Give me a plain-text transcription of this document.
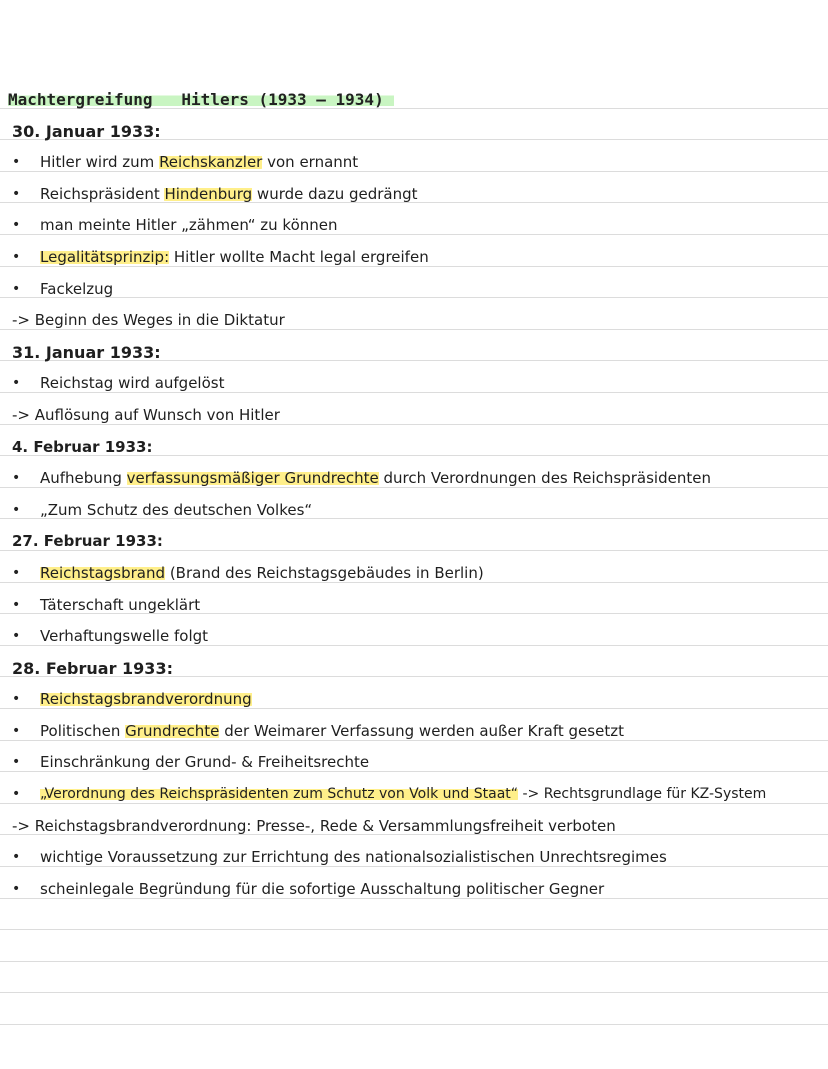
Machtergreifung Hitlers (1933 – 1934)
30. Januar 1933:
• Hitler wird zum Reichskanzler von ernannt
• Reichspräsident Hindenburg wurde dazu gedrängt
• man meinte Hitler „zähmen“ zu können
• Legalitätsprinzip: Hitler wollte Macht legal ergreifen
• Fackelzug
-> Beginn des Weges in die Diktatur
31. Januar 1933:
• Reichstag wird aufgelöst
-> Auflösung auf Wunsch von Hitler
4. Februar 1933:
• Aufhebung verfassungsmäßiger Grundrechte durch Verordnungen des Reichspräsidenten
• „Zum Schutz des deutschen Volkes“
27. Februar 1933:
• Reichstagsbrand (Brand des Reichstagsgebäudes in Berlin)
• Täterschaft ungeklärt
• Verhaftungswelle folgt
28. Februar 1933:
• Reichstagsbrandverordnung
• Politischen Grundrechte der Weimarer Verfassung werden außer Kraft gesetzt
• Einschränkung der Grund- & Freiheitsrechte
• „Verordnung des Reichspräsidenten zum Schutz von Volk und Staat“ -> Rechtsgrundlage für KZ-System
-> Reichstagsbrandverordnung: Presse-, Rede & Versammlungsfreiheit verboten
• wichtige Voraussetzung zur Errichtung des nationalsozialistischen Unrechtsregimes
• scheinlegale Begründung für die sofortige Ausschaltung politischer Gegner
